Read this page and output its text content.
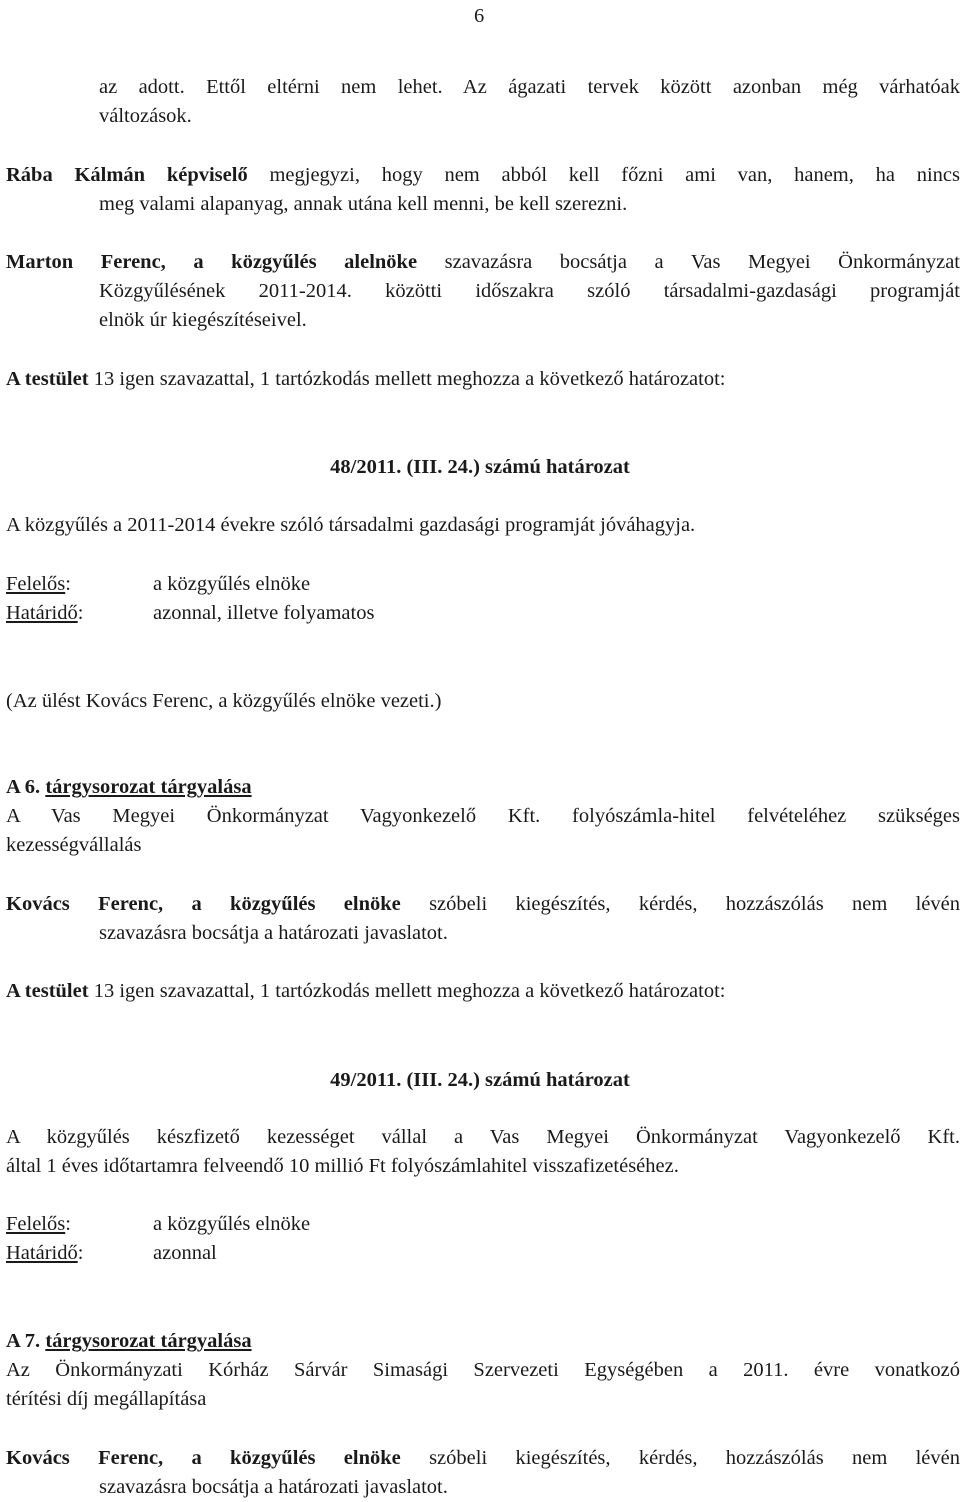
6

az adott. Ettől eltérni nem lehet. Az ágazati tervek között azonban még várhatóak

változások.

Rába Kálmán képviselő megjegyzi, hogy nem abból kell főzni ami van, hanem, ha nincs

meg valami alapanyag, annak utána kell menni, be kell szerezni.

Marton Ferenc, a közgyűlés alelnöke szavazásra bocsátja a Vas Megyei Önkormányzat

Közgyűlésének 2011-2014. közötti időszakra szóló társadalmi-gazdasági programját

elnök úr kiegészítéseivel.

A testület 13 igen szavazattal, 1 tartózkodás mellett meghozza a következő határozatot:

48/2011. (III. 24.) számú határozat

A közgyűlés a 2011-2014 évekre szóló társadalmi gazdasági programját jóváhagyja.

Felelős:	a közgyűlés elnöke

Határidő:	azonnal, illetve folyamatos

(Az ülést Kovács Ferenc, a közgyűlés elnöke vezeti.)

A 6. tárgysorozat tárgyalása

A Vas Megyei Önkormányzat Vagyonkezelő Kft. folyószámla-hitel felvételéhez szükséges

kezességvállalás

Kovács Ferenc, a közgyűlés elnöke szóbeli kiegészítés, kérdés, hozzászólás nem lévén

szavazásra bocsátja a határozati javaslatot.

A testület 13 igen szavazattal, 1 tartózkodás mellett meghozza a következő határozatot:

49/2011. (III. 24.) számú határozat

A közgyűlés készfizető kezességet vállal a Vas Megyei Önkormányzat Vagyonkezelő Kft.

által 1 éves időtartamra felveendő 10 millió Ft folyószámlahitel visszafizetéséhez.

Felelős:	a közgyűlés elnöke

Határidő:	azonnal

A 7. tárgysorozat tárgyalása

Az Önkormányzati Kórház Sárvár Simasági Szervezeti Egységében a 2011. évre vonatkozó

térítési díj megállapítása

Kovács Ferenc, a közgyűlés elnöke szóbeli kiegészítés, kérdés, hozzászólás nem lévén

szavazásra bocsátja a határozati javaslatot.
